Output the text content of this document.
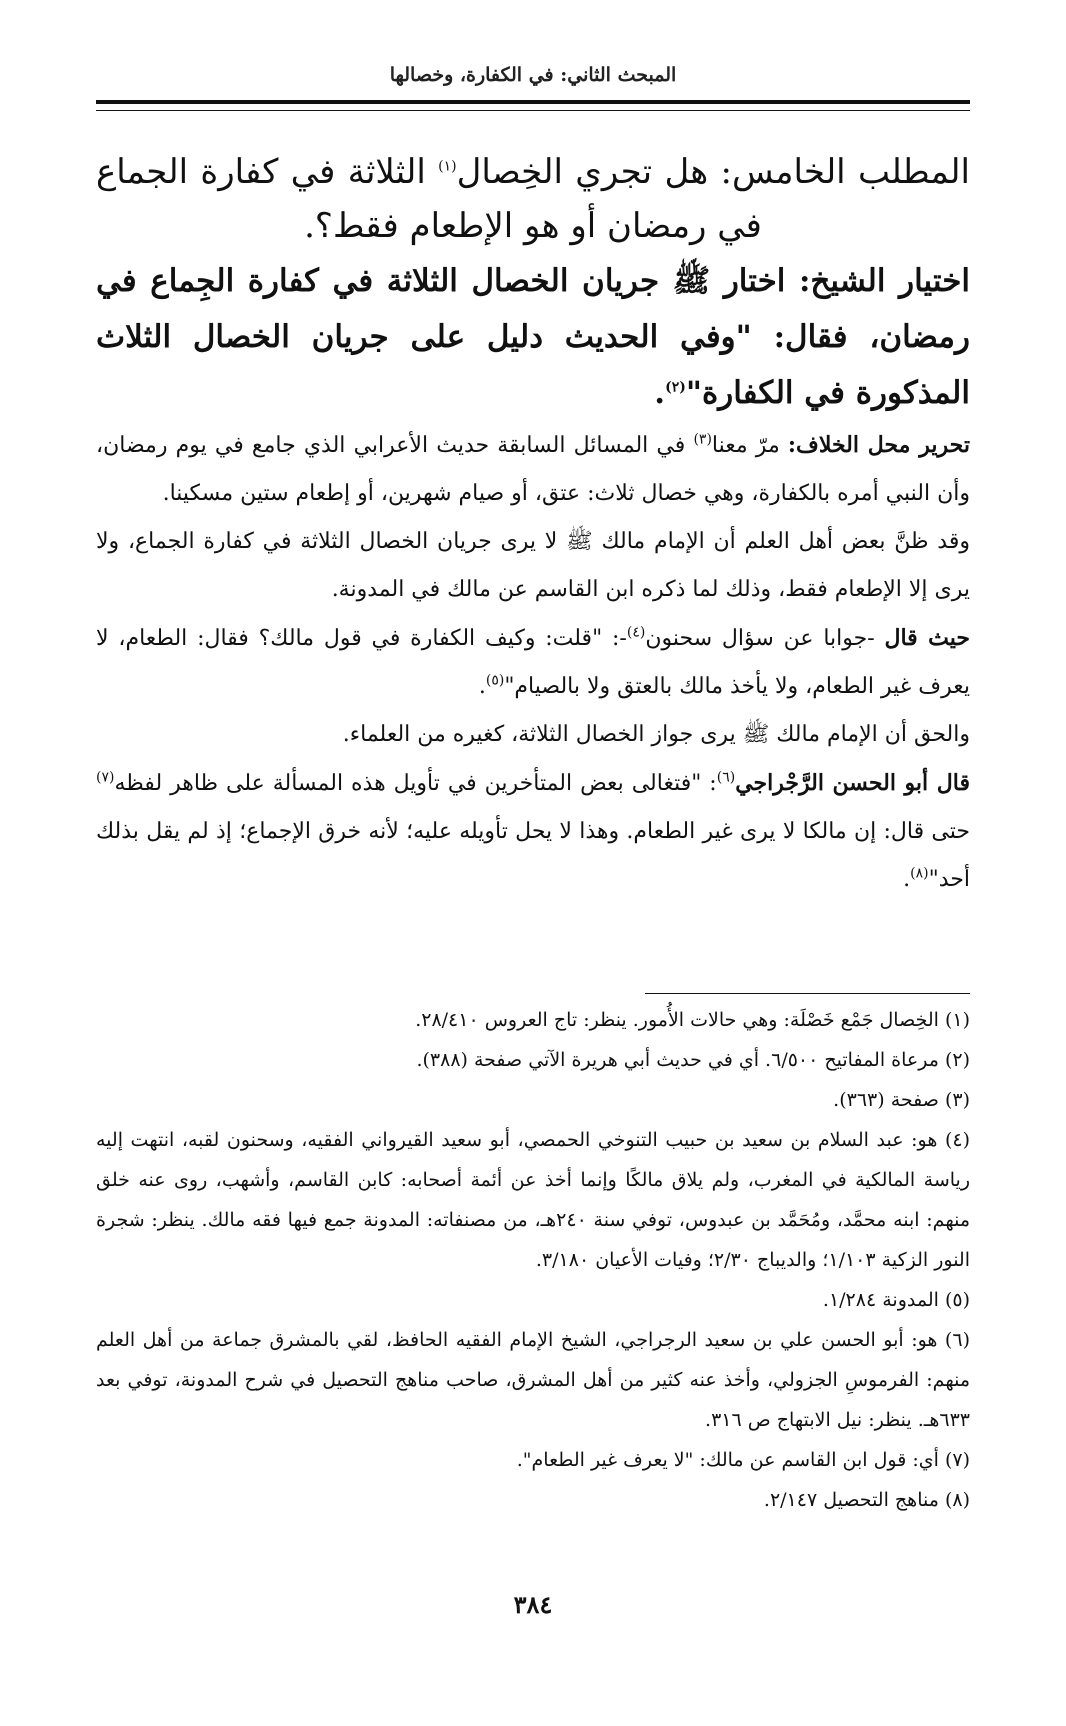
المبحث الثاني: في الكفارة، وخصالها

المطلب الخامس: هل تجري الخِصال$^{(١)}$ الثلاثة في كفارة الجماع في رمضان أو هو الإطعام فقط؟.

اختيار الشيخ: اختار ﷺ جريان الخصال الثلاثة في كفارة الجِماع في رمضان، فقال: "وفي الحديث دليل على جريان الخصال الثلاث المذكورة في الكفارة"$^{(٢)}$.

تحرير محل الخلاف: مرّ معنا$^{(٣)}$ في المسائل السابقة حديث الأعرابي الذي جامع في يوم رمضان، وأن النبي أمره بالكفارة، وهي خصال ثلاث: عتق، أو صيام شهرين، أو إطعام ستين مسكينا.

وقد ظنَّ بعض أهل العلم أن الإمام مالك ﷺ لا يرى جريان الخصال الثلاثة في كفارة الجماع، ولا يرى إلا الإطعام فقط، وذلك لما ذكره ابن القاسم عن مالك في المدونة.

حيث قال -جوابا عن سؤال سحنون$^{(٤)}$-: "قلت: وكيف الكفارة في قول مالك؟ فقال: الطعام، لا يعرف غير الطعام، ولا يأخذ مالك بالعتق ولا بالصيام"$^{(٥)}$.

والحق أن الإمام مالك ﷺ يرى جواز الخصال الثلاثة، كغيره من العلماء.

قال أبو الحسن الرَّجْراجي$^{(٦)}$: "فتغالى بعض المتأخرين في تأويل هذه المسألة على ظاهر لفظه$^{(٧)}$ حتى قال: إن مالكا لا يرى غير الطعام. وهذا لا يحل تأويله عليه؛ لأنه خرق الإجماع؛ إذ لم يقل بذلك أحد"$^{(٨)}$.

(١) الخِصال جَمْع خَصْلَة: وهي حالات الأُمور. ينظر: تاج العروس ٢٨/٤١٠.

(٢) مرعاة المفاتيح ٦/٥٠٠. أي في حديث أبي هريرة الآتي صفحة (٣٨٨).

(٣) صفحة (٣٦٣).

(٤) هو: عبد السلام بن سعيد بن حبيب التنوخي الحمصي، أبو سعيد القيرواني الفقيه، وسحنون لقبه، انتهت إليه رياسة المالكية في المغرب، ولم يلاق مالكًا وإنما أخذ عن أئمة أصحابه: كابن القاسم، وأشهب، روى عنه خلق منهم: ابنه محمَّد، ومُحَمَّد بن عبدوس، توفي سنة ٢٤٠هـ، من مصنفاته: المدونة جمع فيها فقه مالك. ينظر: شجرة النور الزكية ١/١٠٣؛ والديباج ٢/٣٠؛ وفيات الأعيان ٣/١٨٠.

(٥) المدونة ١/٢٨٤.

(٦) هو: أبو الحسن علي بن سعيد الرجراجي، الشيخ الإمام الفقيه الحافظ، لقي بالمشرق جماعة من أهل العلم منهم: الفرموسِ الجزولي، وأخذ عنه كثير من أهل المشرق، صاحب مناهج التحصيل في شرح المدونة، توفي بعد ٦٣٣هـ. ينظر: نيل الابتهاج ص ٣١٦.

(٧) أي: قول ابن القاسم عن مالك: "لا يعرف غير الطعام".

(٨) مناهج التحصيل ٢/١٤٧.

٣٨٤
